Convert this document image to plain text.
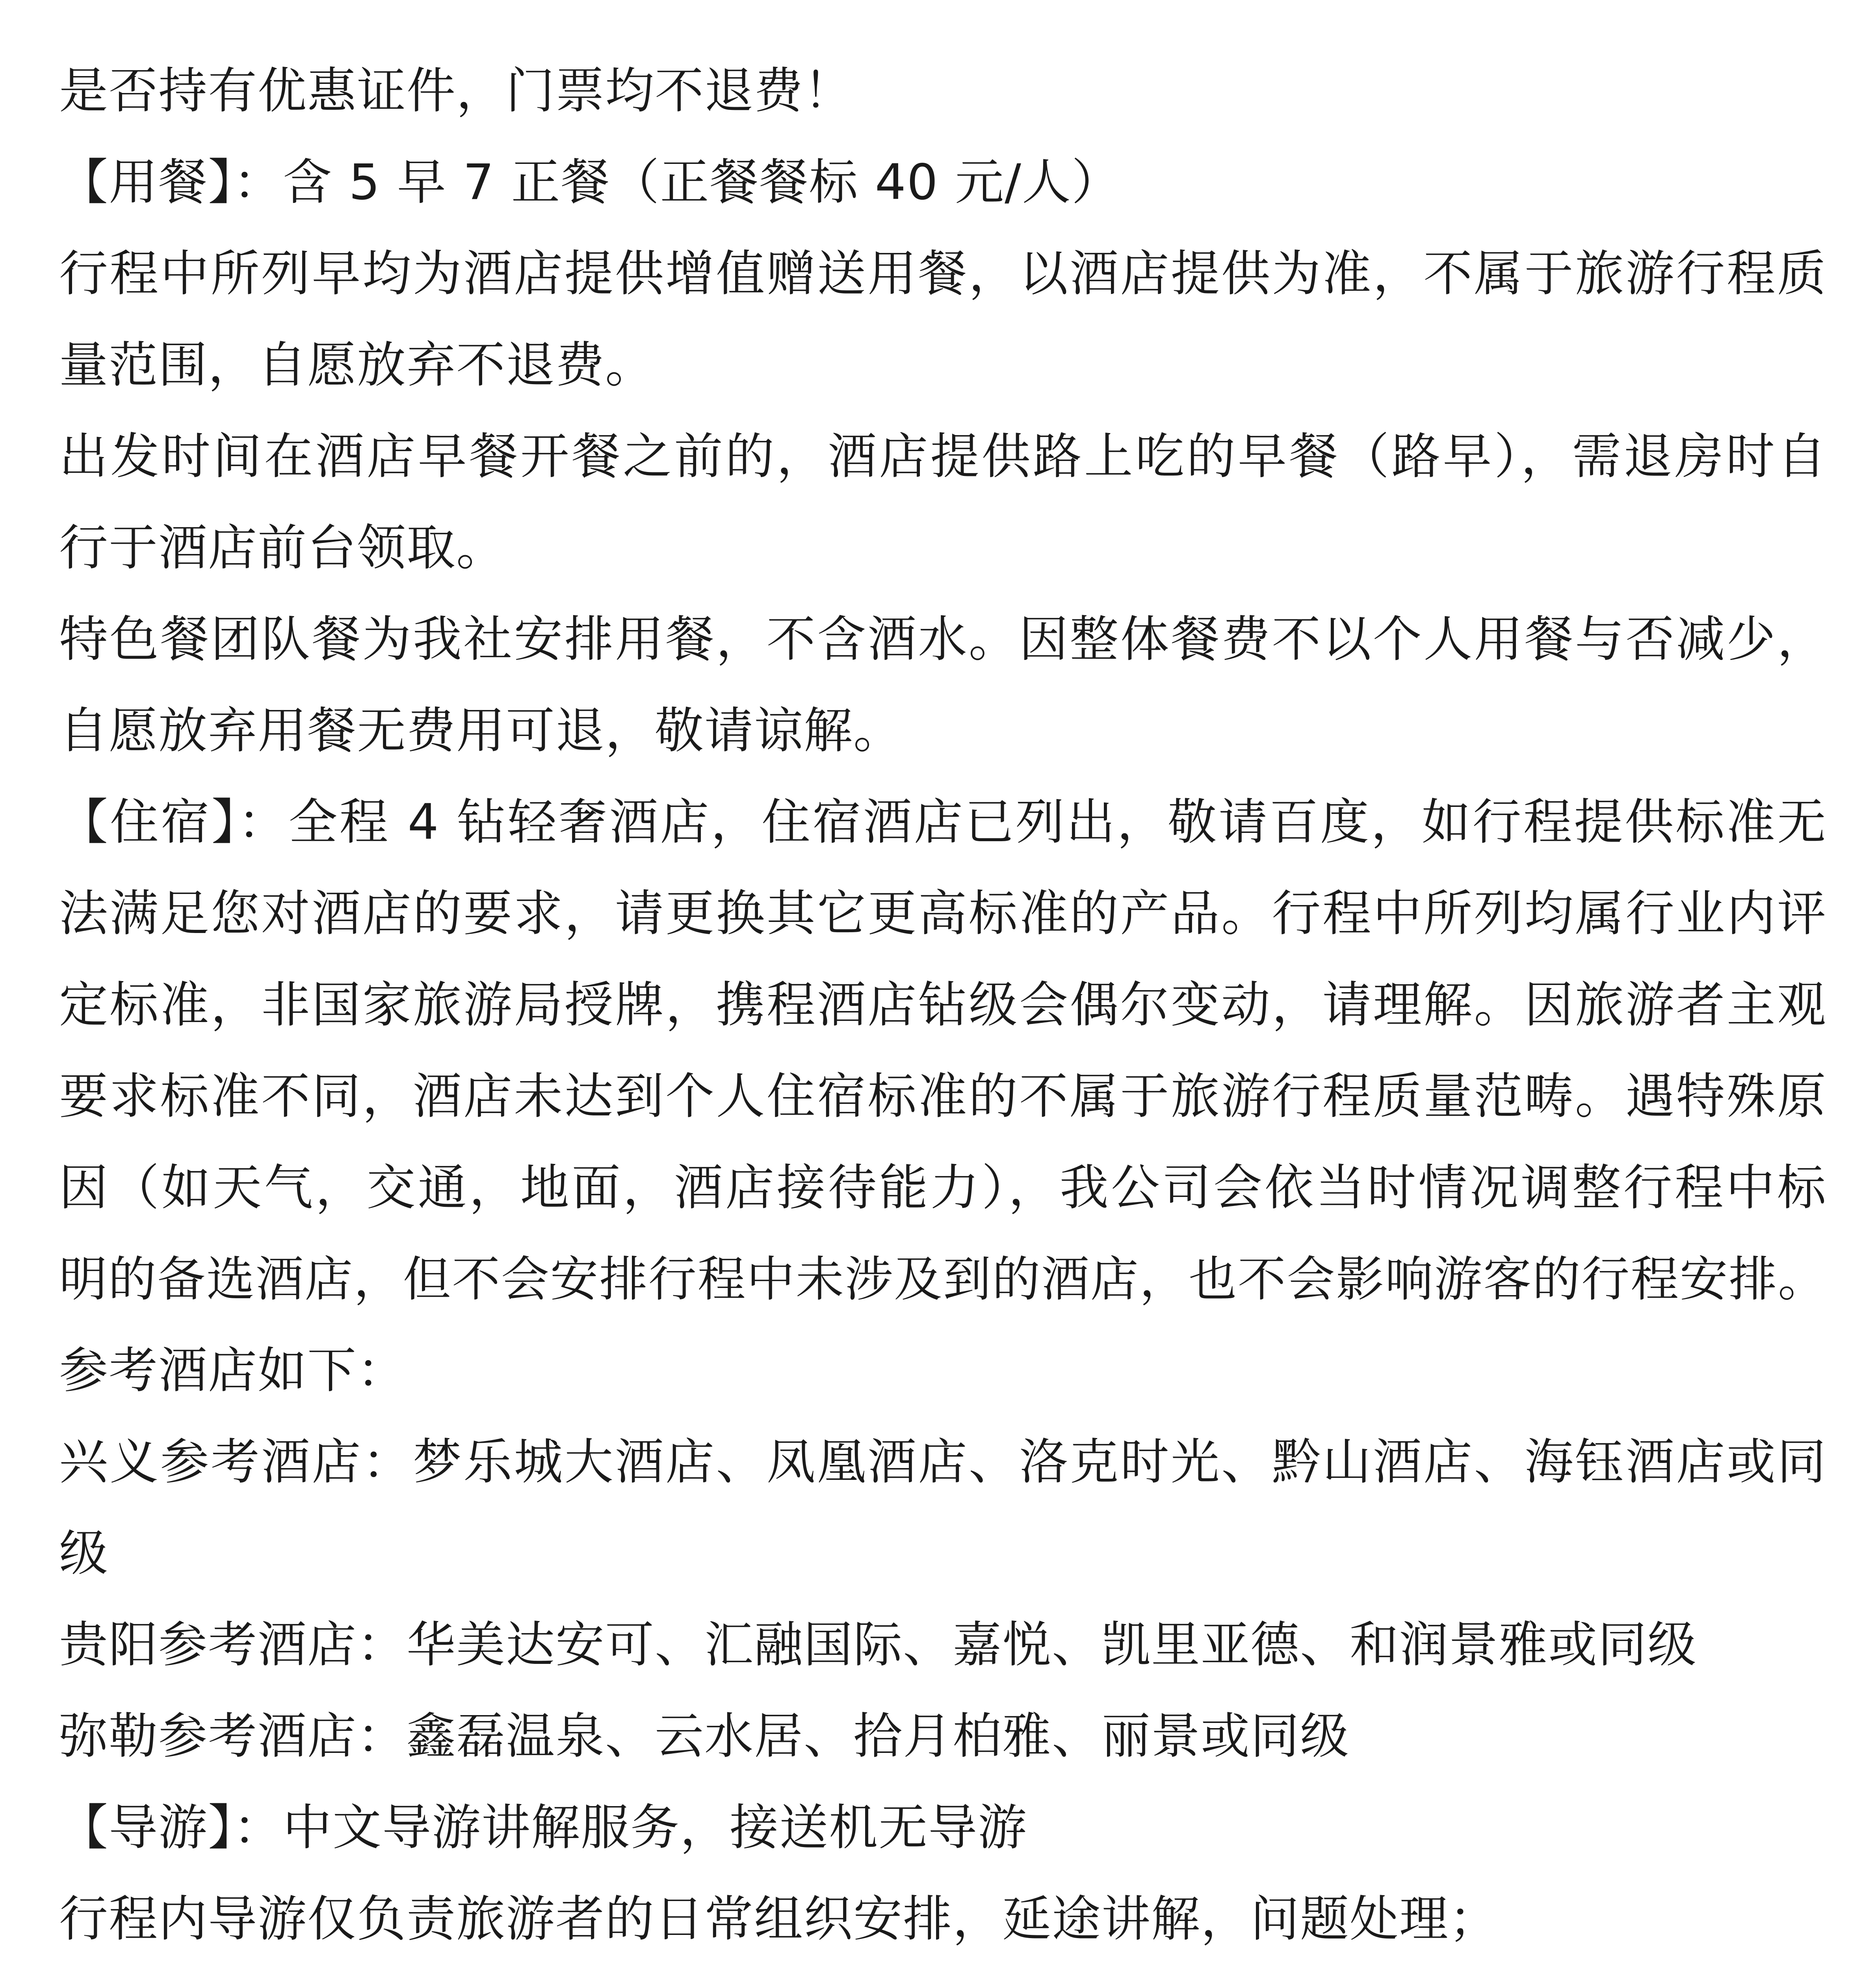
是否持有优惠证件，门票均不退费！
【用餐】：含 5 早 7 正餐（正餐餐标 40 元/人）
行程中所列早均为酒店提供增值赠送用餐，以酒店提供为准，不属于旅游行程质
量范围，自愿放弃不退费。
出发时间在酒店早餐开餐之前的，酒店提供路上吃的早餐（路早），需退房时自
行于酒店前台领取。
特色餐团队餐为我社安排用餐，不含酒水。因整体餐费不以个人用餐与否减少，
自愿放弃用餐无费用可退，敬请谅解。
【住宿】：全程 4 钻轻奢酒店，住宿酒店已列出，敬请百度，如行程提供标准无
法满足您对酒店的要求，请更换其它更高标准的产品。行程中所列均属行业内评
定标准，非国家旅游局授牌，携程酒店钻级会偶尔变动，请理解。因旅游者主观
要求标准不同，酒店未达到个人住宿标准的不属于旅游行程质量范畴。遇特殊原
因（如天气，交通，地面，酒店接待能力），我公司会依当时情况调整行程中标
明的备选酒店，但不会安排行程中未涉及到的酒店，也不会影响游客的行程安排。
参考酒店如下：
兴义参考酒店：梦乐城大酒店、凤凰酒店、洛克时光、黔山酒店、海钰酒店或同
级
贵阳参考酒店：华美达安可、汇融国际、嘉悦、凯里亚德、和润景雅或同级
弥勒参考酒店：鑫磊温泉、云水居、拾月柏雅、丽景或同级
【导游】：中文导游讲解服务，接送机无导游
行程内导游仅负责旅游者的日常组织安排，延途讲解，问题处理；
